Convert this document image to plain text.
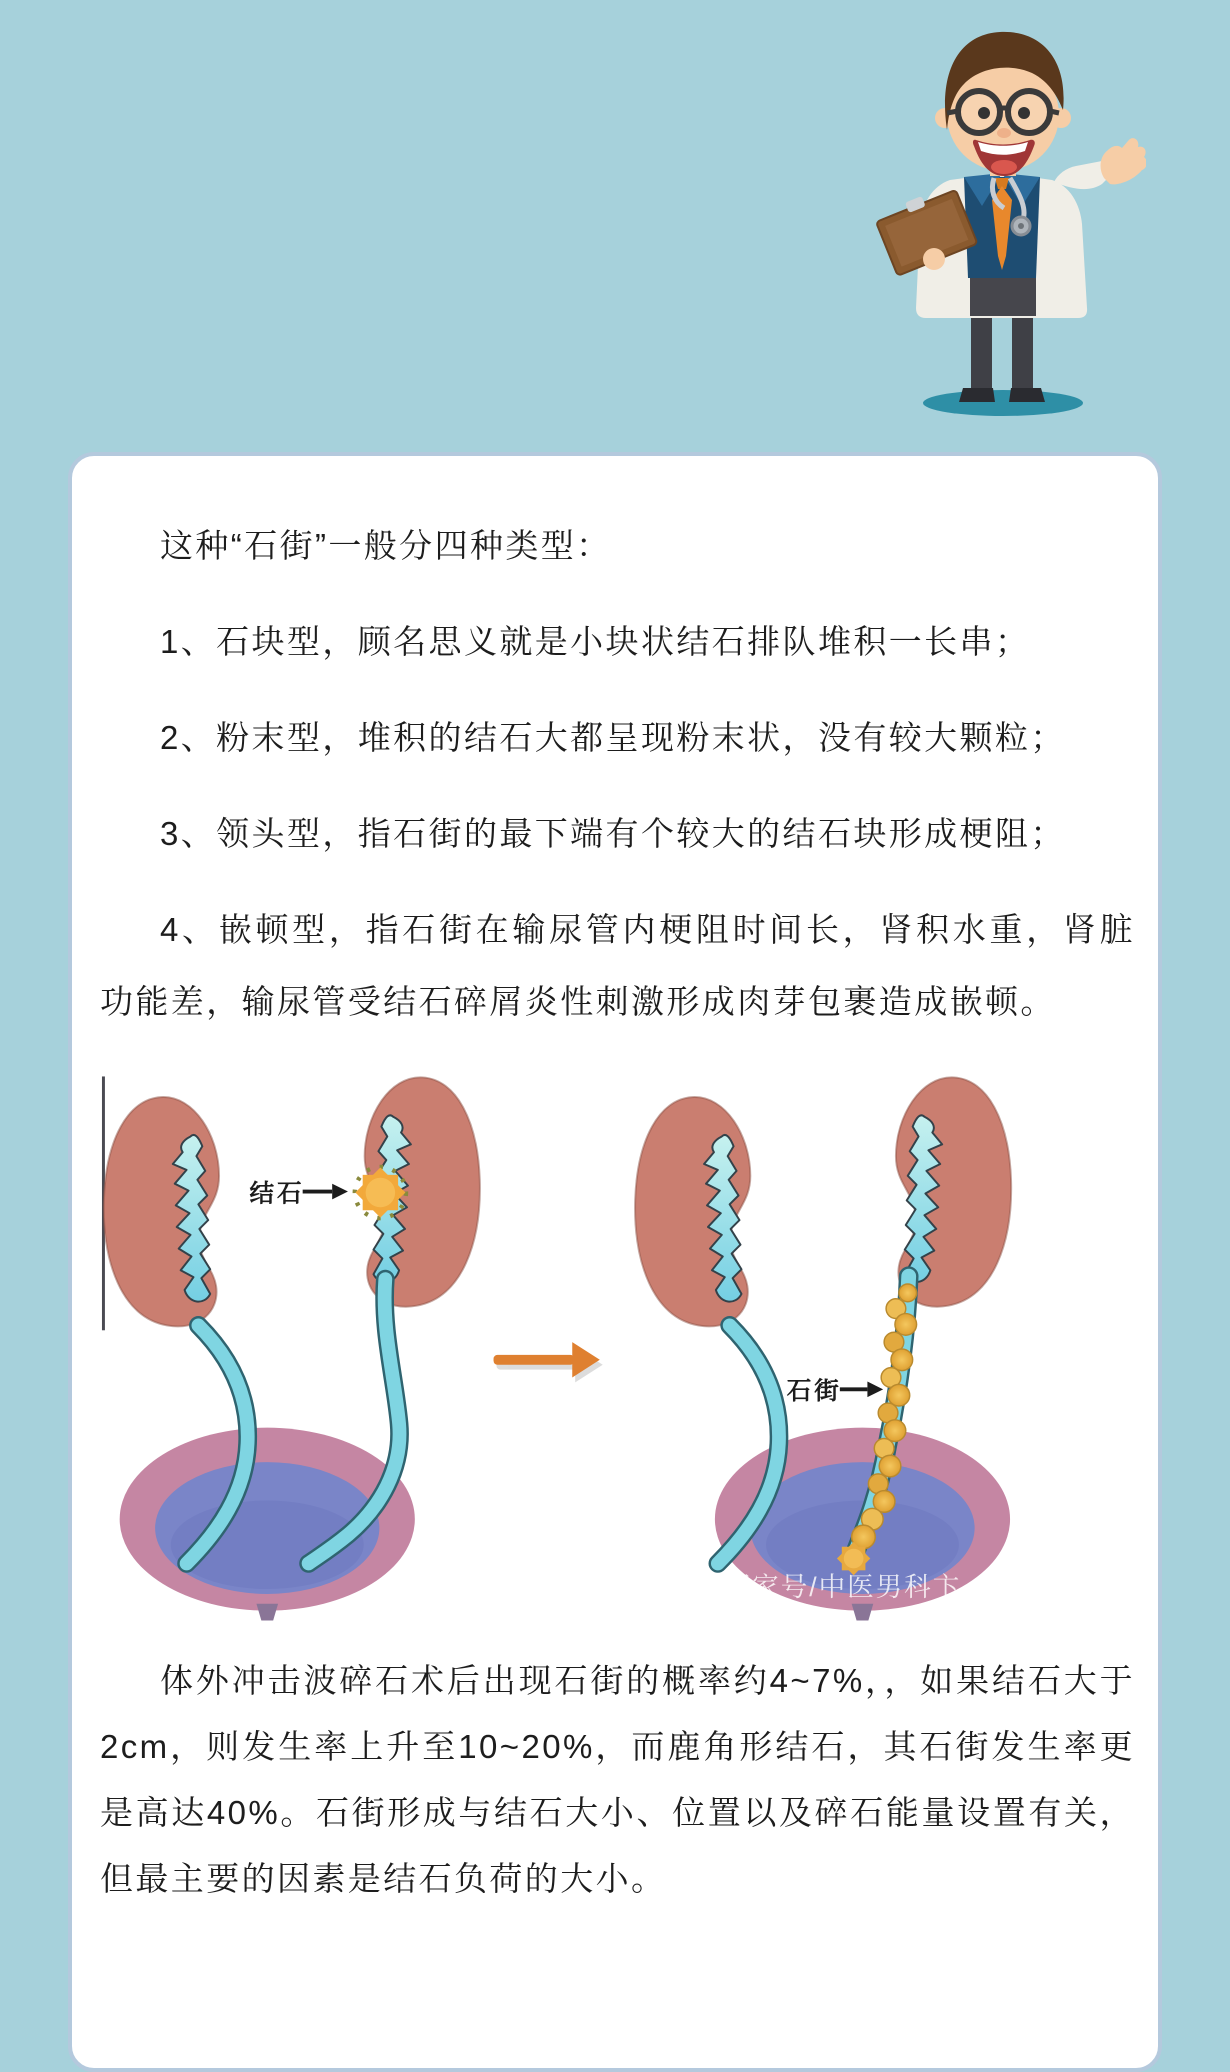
这种“石街”一般分四种类型：

1、石块型，顾名思义就是小块状结石排队堆积一长串；

2、粉末型，堆积的结石大都呈现粉末状，没有较大颗粒；

3、领头型，指石街的最下端有个较大的结石块形成梗阻；

4、嵌顿型，指石街在输尿管内梗阻时间长，肾积水重，肾脏功能差，输尿管受结石碎屑炎性刺激形成肉芽包裹造成嵌顿。

结石
石街
百家号/中医男科卞

体外冲击波碎石术后出现石街的概率约4~7%，，如果结石大于2cm，则发生率上升至10~20%，而鹿角形结石，其石街发生率更是高达40%。石街形成与结石大小、位置以及碎石能量设置有关，但最主要的因素是结石负荷的大小。
